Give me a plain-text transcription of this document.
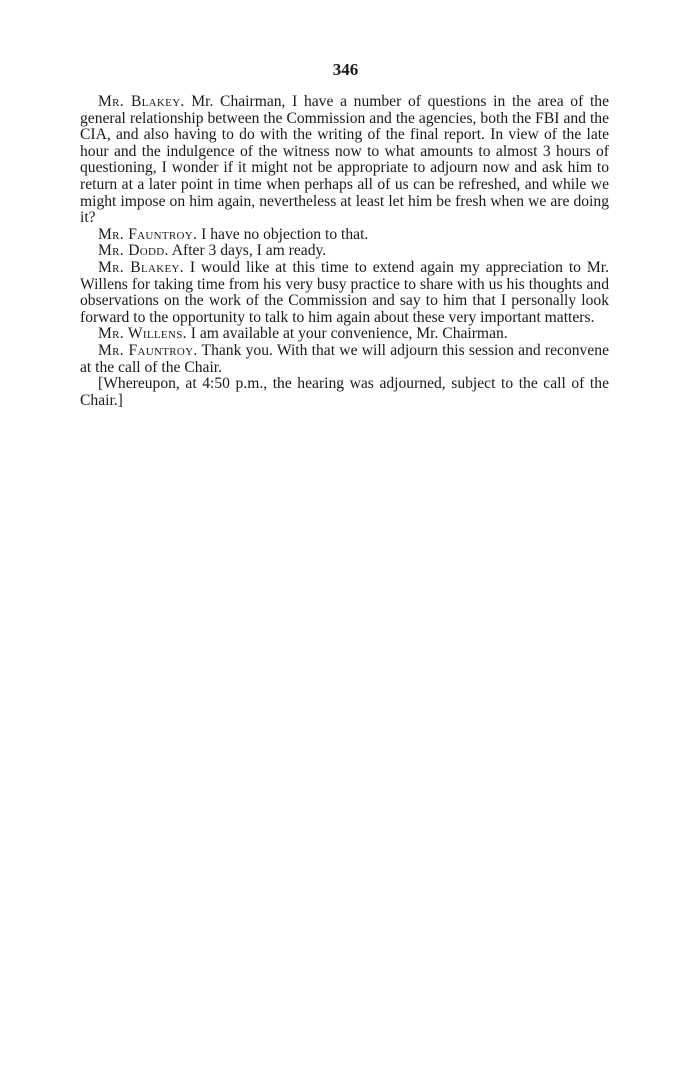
346

Mr. Blakey. Mr. Chairman, I have a number of questions in the area of the general relationship between the Commission and the agencies, both the FBI and the CIA, and also having to do with the writing of the final report. In view of the late hour and the indulgence of the witness now to what amounts to almost 3 hours of questioning, I wonder if it might not be appropriate to adjourn now and ask him to return at a later point in time when perhaps all of us can be refreshed, and while we might impose on him again, nevertheless at least let him be fresh when we are doing it?

Mr. Fauntroy. I have no objection to that.

Mr. Dodd. After 3 days, I am ready.

Mr. Blakey. I would like at this time to extend again my appreciation to Mr. Willens for taking time from his very busy practice to share with us his thoughts and observations on the work of the Commission and say to him that I personally look forward to the opportunity to talk to him again about these very important matters.

Mr. Willens. I am available at your convenience, Mr. Chairman.

Mr. Fauntroy. Thank you. With that we will adjourn this session and reconvene at the call of the Chair.

[Whereupon, at 4:50 p.m., the hearing was adjourned, subject to the call of the Chair.]
